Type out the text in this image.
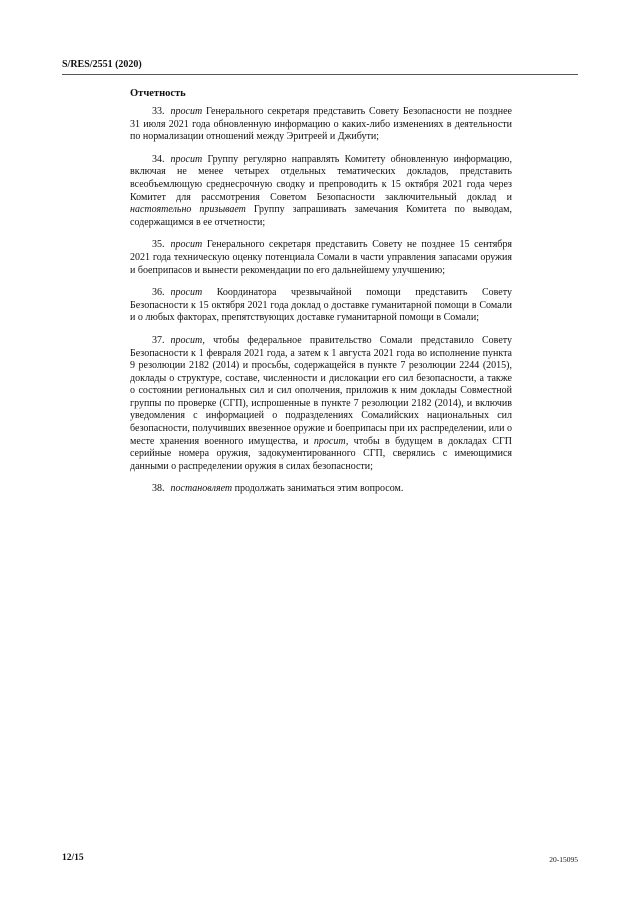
S/RES/2551 (2020)
Отчетность

33. просит Генерального секретаря представить Совету Безопасности не позднее 31 июля 2021 года обновленную информацию о каких-либо изменениях в деятельности по нормализации отношений между Эритреей и Джибути;

34. просит Группу регулярно направлять Комитету обновленную информацию, включая не менее четырех отдельных тематических докладов, представить всеобъемлющую среднесрочную сводку и препроводить к 15 октября 2021 года через Комитет для рассмотрения Советом Безопасности заключительный доклад и настоятельно призывает Группу запрашивать замечания Комитета по выводам, содержащимся в ее отчетности;

35. просит Генерального секретаря представить Совету не позднее 15 сентября 2021 года техническую оценку потенциала Сомали в части управления запасами оружия и боеприпасов и вынести рекомендации по его дальнейшему улучшению;

36. просит Координатора чрезвычайной помощи представить Совету Безопасности к 15 октября 2021 года доклад о доставке гуманитарной помощи в Сомали и о любых факторах, препятствующих доставке гуманитарной помощи в Сомали;

37. просит, чтобы федеральное правительство Сомали представило Совету Безопасности к 1 февраля 2021 года, а затем к 1 августа 2021 года во исполнение пункта 9 резолюции 2182 (2014) и просьбы, содержащейся в пункте 7 резолюции 2244 (2015), доклады о структуре, составе, численности и дислокации его сил безопасности, а также о состоянии региональных сил и сил ополчения, приложив к ним доклады Совместной группы по проверке (СГП), испрошенные в пункте 7 резолюции 2182 (2014), и включив уведомления с информацией о подразделениях Сомалийских национальных сил безопасности, получивших ввезенное оружие и боеприпасы при их распределении, или о месте хранения военного имущества, и просит, чтобы в будущем в докладах СГП серийные номера оружия, задокументированного СГП, сверялись с имеющимися данными о распределении оружия в силах безопасности;

38. постановляет продолжать заниматься этим вопросом.

12/15	20-15095
